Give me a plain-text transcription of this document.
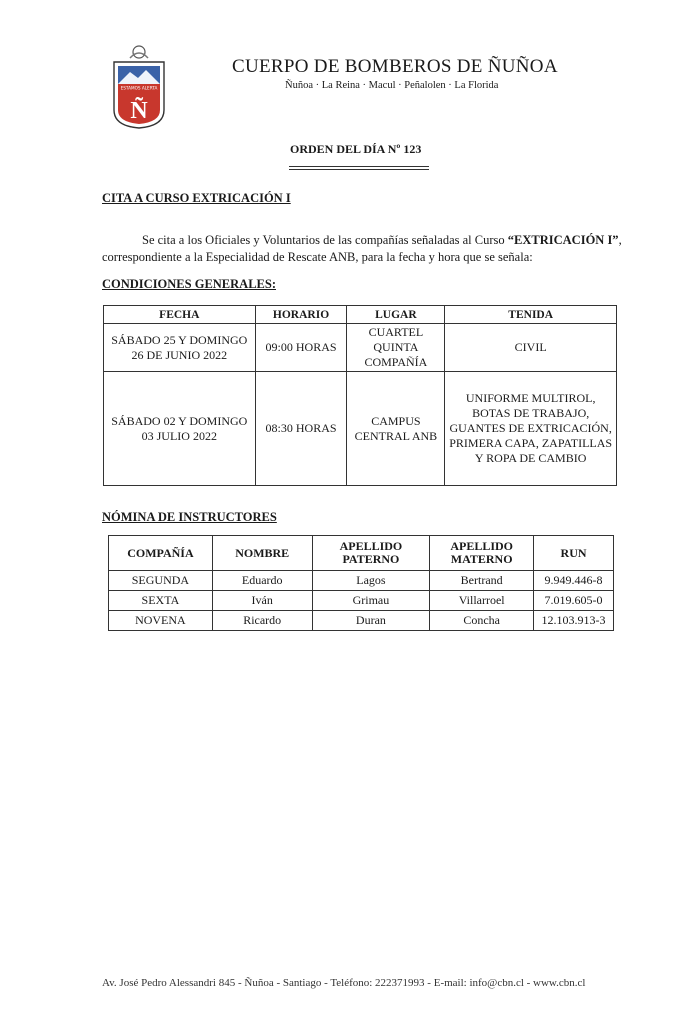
ESTAMOS ALERTA
Ñ
CUERPO DE BOMBEROS DE ÑUÑOA
Ñuñoa · La Reina · Macul · Peñalolen · La Florida
ORDEN DEL DÍA Nº 123
CITA A CURSO EXTRICACIÓN I
Se cita a los Oficiales y Voluntarios de las compañías señaladas al Curso “EXTRICACIÓN I”, correspondiente a la Especialidad de Rescate ANB, para la fecha y hora que se señala:
CONDICIONES GENERALES:
FECHA	HORARIO	LUGAR	TENIDA
SÁBADO 25 Y DOMINGO 26 DE JUNIO 2022	09:00 HORAS	CUARTEL QUINTA COMPAÑÍA	CIVIL
SÁBADO 02 Y DOMINGO 03 JULIO 2022	08:30 HORAS	CAMPUS CENTRAL ANB	UNIFORME MULTIROL, BOTAS DE TRABAJO, GUANTES DE EXTRICACIÓN, PRIMERA CAPA, ZAPATILLAS Y ROPA DE CAMBIO
NÓMINA DE INSTRUCTORES
COMPAÑÍA	NOMBRE	APELLIDO PATERNO	APELLIDO MATERNO	RUN
SEGUNDA	Eduardo	Lagos	Bertrand	9.949.446-8
SEXTA	Iván	Grimau	Villarroel	7.019.605-0
NOVENA	Ricardo	Duran	Concha	12.103.913-3
Av. José Pedro Alessandri 845 - Ñuñoa - Santiago - Teléfono: 222371993 - E-mail: info@cbn.cl - www.cbn.cl
